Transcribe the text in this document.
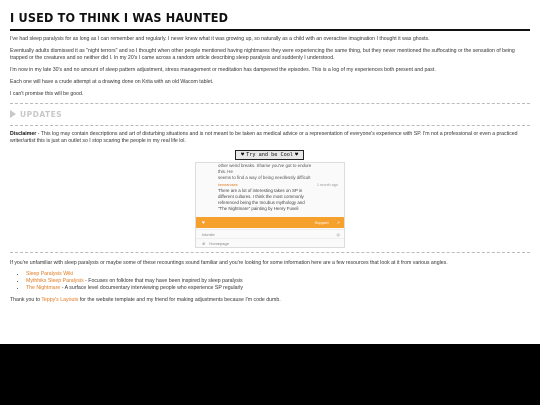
I USED TO THINK I WAS HAUNTED

I've had sleep paralysis for as long as I can remember and regularly. I never knew what it was growing up, so naturally as a child with an overactive imagination I thought it was ghosts.

Eventually adults dismissed it as "night terrors" and so I thought when other people mentioned having nightmares they were experiencing the same thing, but they never mentioned the suffocating or the sensation of being trapped or the creatures and so neither did I. In my 20's I came across a random article describing sleep paralysis and suddenly I understood.

I'm now in my late 30's and no amount of sleep pattern adjustment, stress management or meditation has dampened the episodes. This is a log of my experiences both present and past.

Each one will have a crude attempt at a drawing done on Krita with an old Wacom tablet.

I can't promise this will be good.

UPDATES

Disclaimer - This log may contain descriptions and art of disturbing situations and is not meant to be taken as medical advice or a representation of everyone's experience with SP. I'm not a professional or even a practiced writer/artist this is just an outlet so I stop scaring the people in my real life lol.

♥ Try and be Cool ♥
other weird breaks. Shame you've got to endure this. He
seems to find a way of being needlessly difficult
kennaroses	1 month ago
There are a lot of interesting takes on SP in different cultures. I think the most commonly referenced being the Incubus mythology and "The Nightmare" painting by Henry Fuseli
♥	Support ↗
Inkmile	◎
⊕ Homepage

If you're unfamiliar with sleep paralysis or maybe some of these recountings sound familiar and you're looking for some information here are a few resources that look at it from various angles.

• Sleep Paralysis Wiki
• Mythhiks Sleep Paralysis - Focuses on folklore that may have been inspired by sleep paralysis
• The Nightmare - A surface level documentary interviewing people who experience SP regularly

Thank you to Teppy's Layouts for the website template and my friend for making adjustments because I'm code dumb.
